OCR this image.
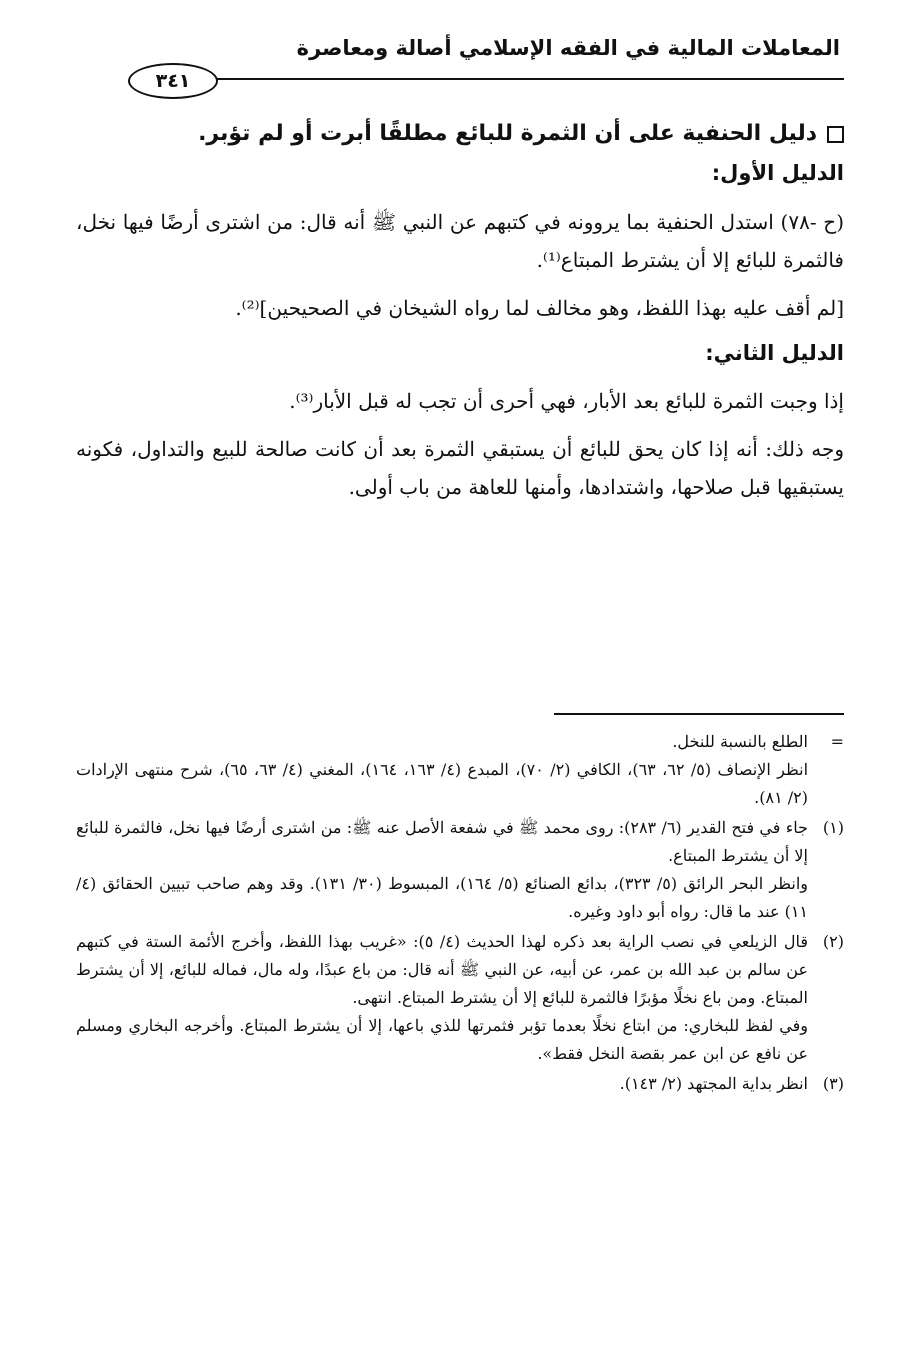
المعاملات المالية في الفقه الإسلامي أصالة ومعاصرة
٣٤١

دليل الحنفية على أن الثمرة للبائع مطلقًا أبرت أو لم تؤبر.

الدليل الأول:

(ح -٧٨) استدل الحنفية بما يروونه في كتبهم عن النبي ﷺ أنه قال: من اشترى أرضًا فيها نخل، فالثمرة للبائع إلا أن يشترط المبتاع⁽¹⁾.

[لم أقف عليه بهذا اللفظ، وهو مخالف لما رواه الشيخان في الصحيحين]⁽²⁾.

الدليل الثاني:

إذا وجبت الثمرة للبائع بعد الأبار، فهي أحرى أن تجب له قبل الأبار⁽³⁾.

وجه ذلك: أنه إذا كان يحق للبائع أن يستبقي الثمرة بعد أن كانت صالحة للبيع والتداول، فكونه يستبقيها قبل صلاحها، واشتدادها، وأمنها للعاهة من باب أولى.

=

الطلع بالنسبة للنخل.

انظر الإنصاف (٥/ ٦٢، ٦٣)، الكافي (٢/ ٧٠)، المبدع (٤/ ١٦٣، ١٦٤)، المغني (٤/ ٦٣، ٦٥)، شرح منتهى الإرادات (٢/ ٨١).

(١)

جاء في فتح القدير (٦/ ٢٨٣): روى محمد ﷺ في شفعة الأصل عنه ﷺ: من اشترى أرضًا فيها نخل، فالثمرة للبائع إلا أن يشترط المبتاع.

وانظر البحر الرائق (٥/ ٣٢٣)، بدائع الصنائع (٥/ ١٦٤)، المبسوط (٣٠/ ١٣١). وقد وهم صاحب تبيين الحقائق (٤/ ١١) عند ما قال: رواه أبو داود وغيره.

(٢)

قال الزيلعي في نصب الراية بعد ذكره لهذا الحديث (٤/ ٥): «غريب بهذا اللفظ، وأخرج الأئمة الستة في كتبهم عن سالم بن عبد الله بن عمر، عن أبيه، عن النبي ﷺ أنه قال: من باع عبدًا، وله مال، فماله للبائع، إلا أن يشترط المبتاع. ومن باع نخلًا مؤبرًا فالثمرة للبائع إلا أن يشترط المبتاع. انتهى.

وفي لفظ للبخاري: من ابتاع نخلًا بعدما تؤبر فثمرتها للذي باعها، إلا أن يشترط المبتاع. وأخرجه البخاري ومسلم عن نافع عن ابن عمر بقصة النخل فقط».

(٣)

انظر بداية المجتهد (٢/ ١٤٣).
